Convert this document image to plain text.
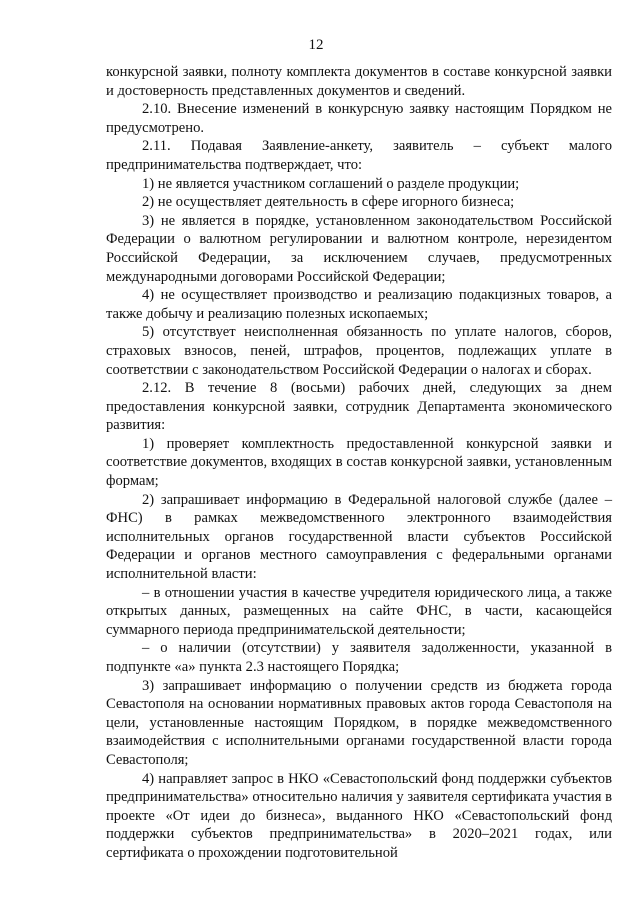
12

конкурсной заявки, полноту комплекта документов в составе конкурсной заявки и достоверность представленных документов и сведений.

2.10. Внесение изменений в конкурсную заявку настоящим Порядком не предусмотрено.

2.11. Подавая Заявление-анкету, заявитель – субъект малого предпринимательства подтверждает, что:

1) не является участником соглашений о разделе продукции;

2) не осуществляет деятельность в сфере игорного бизнеса;

3) не является в порядке, установленном законодательством Российской Федерации о валютном регулировании и валютном контроле, нерезидентом Российской Федерации, за исключением случаев, предусмотренных международными договорами Российской Федерации;

4) не осуществляет производство и реализацию подакцизных товаров, а также добычу и реализацию полезных ископаемых;

5) отсутствует неисполненная обязанность по уплате налогов, сборов, страховых взносов, пеней, штрафов, процентов, подлежащих уплате в соответствии с законодательством Российской Федерации о налогах и сборах.

2.12. В течение 8 (восьми) рабочих дней, следующих за днем предоставления конкурсной заявки, сотрудник Департамента экономического развития:

1) проверяет комплектность предоставленной конкурсной заявки и соответствие документов, входящих в состав конкурсной заявки, установленным формам;

2) запрашивает информацию в Федеральной налоговой службе (далее – ФНС) в рамках межведомственного электронного взаимодействия исполнительных органов государственной власти субъектов Российской Федерации и органов местного самоуправления с федеральными органами исполнительной власти:

– в отношении участия в качестве учредителя юридического лица, а также открытых данных, размещенных на сайте ФНС, в части, касающейся суммарного периода предпринимательской деятельности;

– о наличии (отсутствии) у заявителя задолженности, указанной в подпункте «а» пункта 2.3 настоящего Порядка;

3) запрашивает информацию о получении средств из бюджета города Севастополя на основании нормативных правовых актов города Севастополя на цели, установленные настоящим Порядком, в порядке межведомственного взаимодействия с исполнительными органами государственной власти города Севастополя;

4) направляет запрос в НКО «Севастопольский фонд поддержки субъектов предпринимательства» относительно наличия у заявителя сертификата участия в проекте «От идеи до бизнеса», выданного НКО «Севастопольский фонд поддержки субъектов предпринимательства» в 2020–2021 годах, или сертификата о прохождении подготовительной
